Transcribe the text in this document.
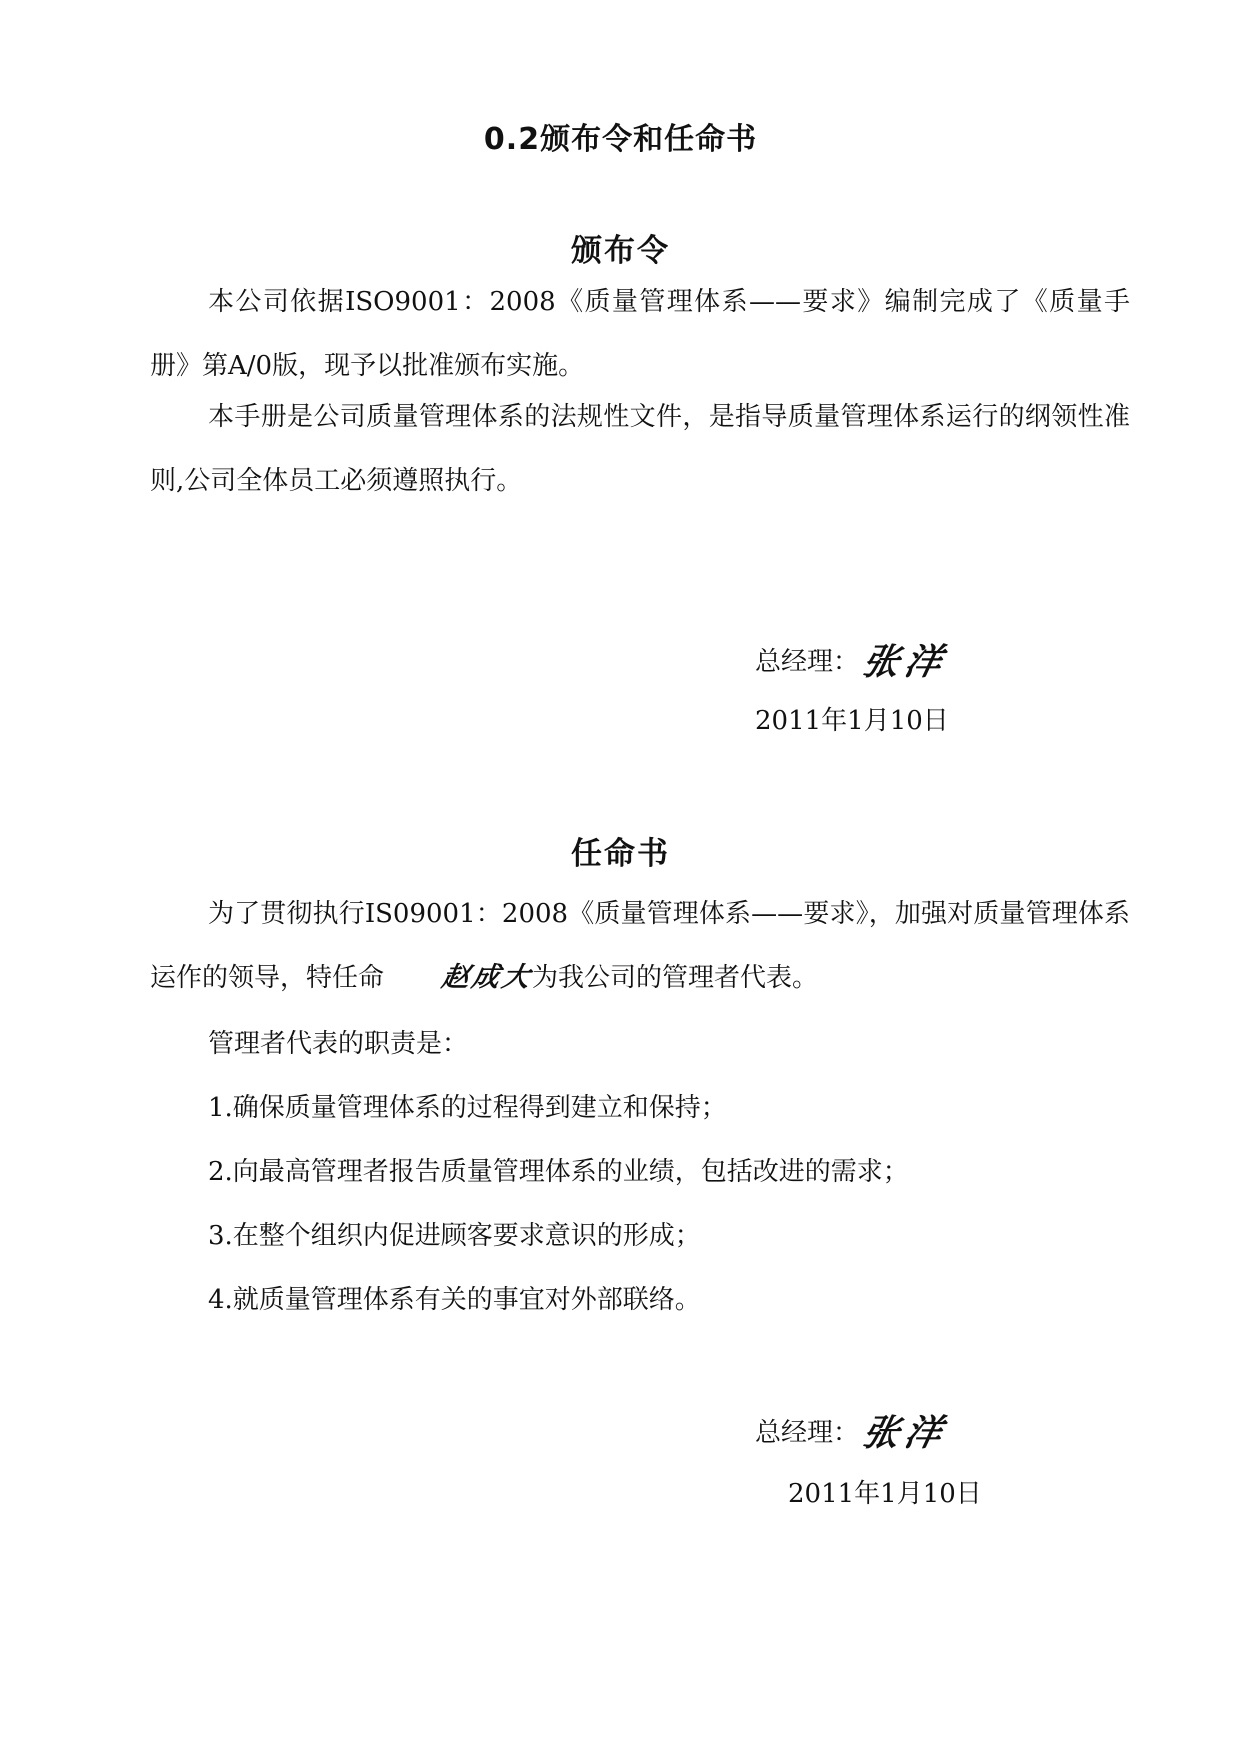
0.2颁布令和任命书
颁布令

本公司依据ISO9001：2008《质量管理体系——要求》编制完成了《质量手册》第A/0版，现予以批准颁布实施。

本手册是公司质量管理体系的法规性文件，是指导质量管理体系运行的纲领性准则,公司全体员工必须遵照执行。

总经理： 张洋
2011年1月10日
任命书

为了贯彻执行IS09001：2008《质量管理体系——要求》，加强对质量管理体系运作的领导，特任命 赵成大为我公司的管理者代表。

管理者代表的职责是：
1.确保质量管理体系的过程得到建立和保持；
2.向最高管理者报告质量管理体系的业绩，包括改进的需求；
3.在整个组织内促进顾客要求意识的形成；
4.就质量管理体系有关的事宜对外部联络。
总经理： 张洋
2011年1月10日
